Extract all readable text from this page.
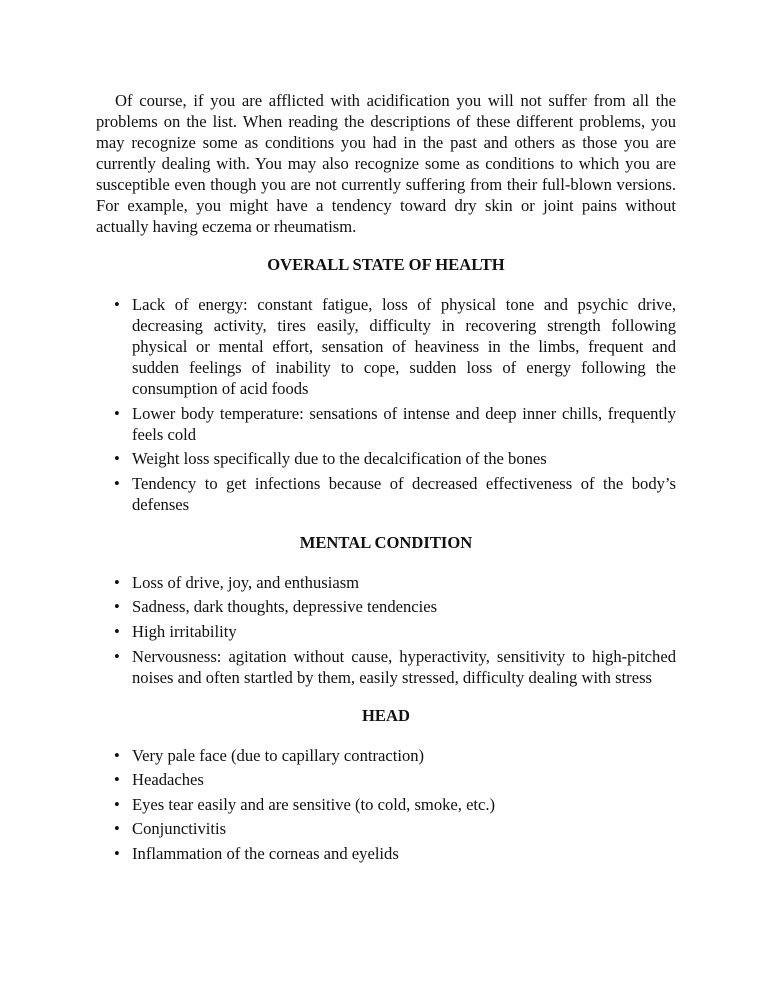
Of course, if you are afflicted with acidification you will not suffer from all the problems on the list. When reading the descriptions of these different problems, you may recognize some as conditions you had in the past and others as those you are currently dealing with. You may also recognize some as conditions to which you are susceptible even though you are not currently suffering from their full-blown versions. For example, you might have a tendency toward dry skin or joint pains without actually having eczema or rheumatism.

OVERALL STATE OF HEALTH
• Lack of energy: constant fatigue, loss of physical tone and psychic drive, decreasing activity, tires easily, difficulty in recovering strength following physical or mental effort, sensation of heaviness in the limbs, frequent and sudden feelings of inability to cope, sudden loss of energy following the consumption of acid foods
• Lower body temperature: sensations of intense and deep inner chills, frequently feels cold
• Weight loss specifically due to the decalcification of the bones
• Tendency to get infections because of decreased effectiveness of the body’s defenses
MENTAL CONDITION
• Loss of drive, joy, and enthusiasm
• Sadness, dark thoughts, depressive tendencies
• High irritability
• Nervousness: agitation without cause, hyperactivity, sensitivity to high-pitched noises and often startled by them, easily stressed, difficulty dealing with stress
HEAD
• Very pale face (due to capillary contraction)
• Headaches
• Eyes tear easily and are sensitive (to cold, smoke, etc.)
• Conjunctivitis
• Inflammation of the corneas and eyelids
